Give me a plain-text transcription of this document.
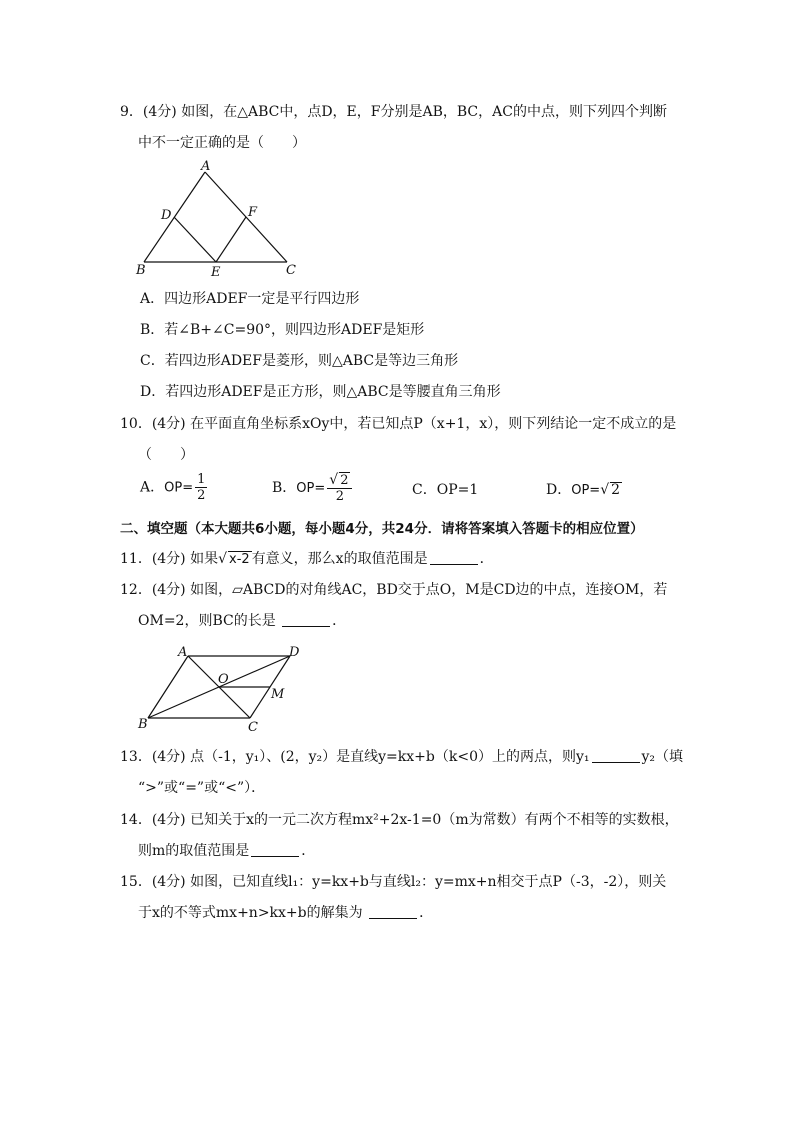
9．(4分) 如图，在△ABC中，点D，E，F分别是AB，BC，AC的中点，则下列四个判断
中不一定正确的是（　　）
A
D	F
B	E	C
A．四边形ADEF一定是平行四边形
B．若∠B+∠C=90°，则四边形ADEF是矩形
C．若四边形ADEF是菱形，则△ABC是等边三角形
D．若四边形ADEF是正方形，则△ABC是等腰直角三角形
10．(4分) 在平面直角坐标系xOy中，若已知点P（x+1，x），则下列结论一定不成立的是
（　　）
A．$OP= \frac{1}{2}$	B．$OP= \frac{√ 2}{2}$	C．OP=1	D．OP=√ 2
二、填空题（本大题共6小题，每小题4分，共24分．请将答案填入答题卡的相应位置）
11．(4分) 如果√ x-2 有意义，那么x的取值范围是	．
12．(4分) 如图，▱ABCD的对角线AC，BD交于点O，M是CD边的中点，连接OM，若
OM=2，则BC的长是	．
A	D
O
M
B	C
13．(4分) 点（-1，y₁）、(2，y₂）是直线y=kx+b（k<0）上的两点，则y₁	y₂（填
“>”或“=”或“<”）．
14．(4分) 已知关于x的一元二次方程mx²+2x-1=0（m为常数）有两个不相等的实数根，
则m的取值范围是	．
15．(4分) 如图，已知直线l₁：y=kx+b与直线l₂：y=mx+n相交于点P（-3，-2），则关
于x的不等式mx+n>kx+b的解集为	．
